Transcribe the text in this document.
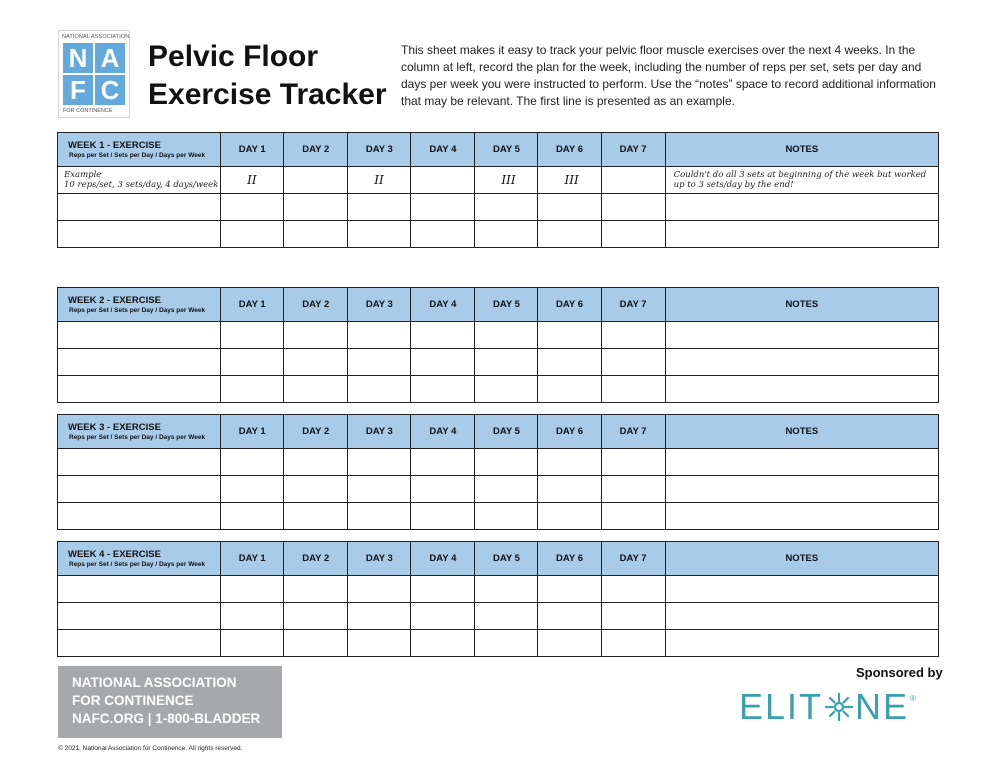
NATIONAL ASSOCIATION
N A
F C
FOR CONTINENCE
Pelvic Floor
Exercise Tracker
This sheet makes it easy to track your pelvic floor muscle exercises over the next 4 weeks. In the column at left, record the plan for the week, including the number of reps per set, sets per day and days per week you were instructed to perform. Use the “notes” space to record additional information that may be relevant. The first line is presented as an example.
WEEK 1 - EXERCISE
Reps per Set / Sets per Day / Days per Week	DAY 1	DAY 2	DAY 3	DAY 4	DAY 5	DAY 6	DAY 7	NOTES

Example
10 reps/set, 3 sets/day, 4 days/week	II		II		III	III		Couldn't do all 3 sets at beginning of the week but worked up to 3 sets/day by the end!

WEEK 2 - EXERCISE
Reps per Set / Sets per Day / Days per Week	DAY 1	DAY 2	DAY 3	DAY 4	DAY 5	DAY 6	DAY 7	NOTES

WEEK 3 - EXERCISE
Reps per Set / Sets per Day / Days per Week	DAY 1	DAY 2	DAY 3	DAY 4	DAY 5	DAY 6	DAY 7	NOTES

WEEK 4 - EXERCISE
Reps per Set / Sets per Day / Days per Week	DAY 1	DAY 2	DAY 3	DAY 4	DAY 5	DAY 6	DAY 7	NOTES

NATIONAL ASSOCIATION
FOR CONTINENCE
NAFC.ORG | 1-800-BLADDER
© 2021, National Association for Continence. All rights reserved.
Sponsored by
ELIT NE ®
